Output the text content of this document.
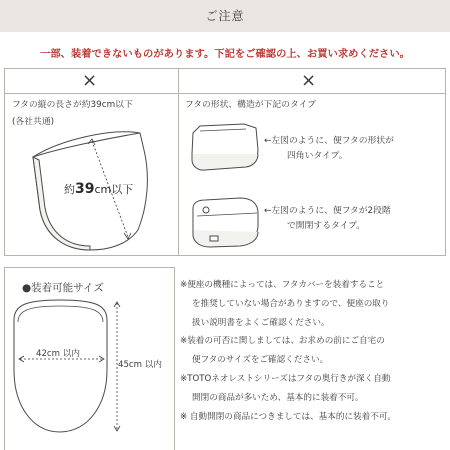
ご注意
一部、装着できないものがあります。下記をご確認の上、お買い求めください。
×	×
フタの縦の長さが約39cm以下
(各社共通)
約39cm以下
フタの形状、構造が下記のタイプ
←左図のように、便フタの形状が
四角いタイプ。
←左図のように、便フタが2段階
で開閉するタイプ。
●装着可能サイズ
42cm 以内
45cm 以内
※便座の機種によっては、フタカバーを装着すること
を推奨していない場合がありますので、便座の取り
扱い説明書をよくご確認ください。
※装着の可否に関しましては、お求めの前にご自宅の
便フタのサイズをご確認ください。
※TOTOネオレストシリーズはフタの奥行きが深く自動
開閉の商品が多いため、基本的に装着不可。
※ 自動開閉の商品につきましては、基本的に装着不可。
